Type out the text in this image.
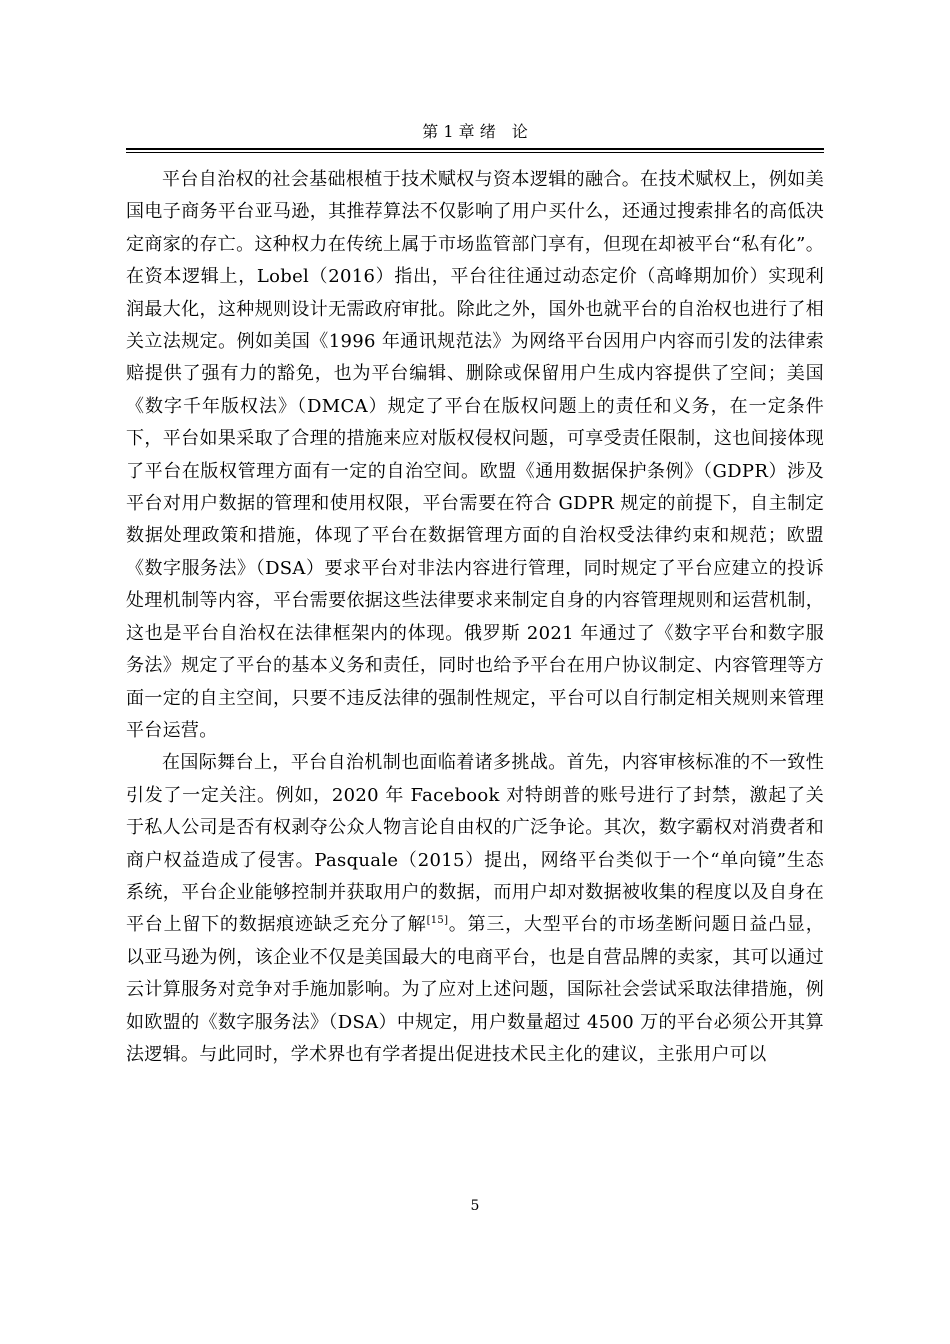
第 1 章 绪　论

平台自治权的社会基础根植于技术赋权与资本逻辑的融合。在技术赋权上，例如美国电子商务平台亚马逊，其推荐算法不仅影响了用户买什么，还通过搜索排名的高低决定商家的存亡。这种权力在传统上属于市场监管部门享有，但现在却被平台“私有化”。在资本逻辑上，Lobel（2016）指出，平台往往通过动态定价（高峰期加价）实现利润最大化，这种规则设计无需政府审批。除此之外，国外也就平台的自治权也进行了相关立法规定。例如美国《1996 年通讯规范法》为网络平台因用户内容而引发的法律索赔提供了强有力的豁免，也为平台编辑、删除或保留用户生成内容提供了空间；美国《数字千年版权法》（DMCA）规定了平台在版权问题上的责任和义务，在一定条件下，平台如果采取了合理的措施来应对版权侵权问题，可享受责任限制，这也间接体现了平台在版权管理方面有一定的自治空间。欧盟《通用数据保护条例》（GDPR）涉及平台对用户数据的管理和使用权限，平台需要在符合 GDPR 规定的前提下，自主制定数据处理政策和措施，体现了平台在数据管理方面的自治权受法律约束和规范；欧盟《数字服务法》（DSA）要求平台对非法内容进行管理，同时规定了平台应建立的投诉处理机制等内容，平台需要依据这些法律要求来制定自身的内容管理规则和运营机制，这也是平台自治权在法律框架内的体现。俄罗斯 2021 年通过了《数字平台和数字服务法》规定了平台的基本义务和责任，同时也给予平台在用户协议制定、内容管理等方面一定的自主空间，只要不违反法律的强制性规定，平台可以自行制定相关规则来管理平台运营。

在国际舞台上，平台自治机制也面临着诸多挑战。首先，内容审核标准的不一致性引发了一定关注。例如，2020 年 Facebook 对特朗普的账号进行了封禁，激起了关于私人公司是否有权剥夺公众人物言论自由权的广泛争论。其次，数字霸权对消费者和商户权益造成了侵害。Pasquale（2015）提出，网络平台类似于一个“单向镜”生态系统，平台企业能够控制并获取用户的数据，而用户却对数据被收集的程度以及自身在平台上留下的数据痕迹缺乏充分了解[15]。第三，大型平台的市场垄断问题日益凸显，以亚马逊为例，该企业不仅是美国最大的电商平台，也是自营品牌的卖家，其可以通过云计算服务对竞争对手施加影响。为了应对上述问题，国际社会尝试采取法律措施，例如欧盟的《数字服务法》（DSA）中规定，用户数量超过 4500 万的平台必须公开其算法逻辑。与此同时，学术界也有学者提出促进技术民主化的建议，主张用户可以

5
